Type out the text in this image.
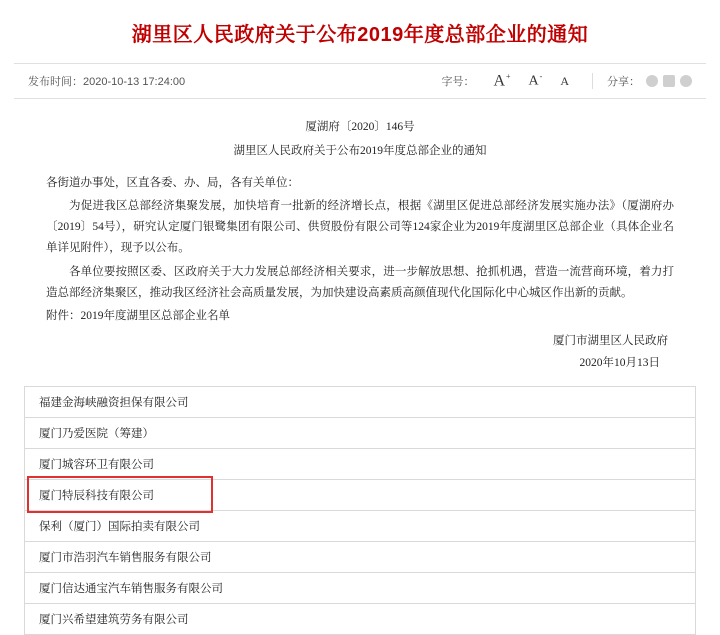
湖里区人民政府关于公布2019年度总部企业的通知
发布时间：2020-10-13 17:24:00	字号： A+ A- A	分享：
厦湖府〔2020〕146号
湖里区人民政府关于公布2019年度总部企业的通知
各街道办事处，区直各委、办、局，各有关单位：

为促进我区总部经济集聚发展，加快培育一批新的经济增长点，根据《湖里区促进总部经济发展实施办法》（厦湖府办〔2019〕54号），研究认定厦门银鹭集团有限公司、供贸股份有限公司等124家企业为2019年度湖里区总部企业（具体企业名单详见附件），现予以公布。

各单位要按照区委、区政府关于大力发展总部经济相关要求，进一步解放思想、抢抓机遇，营造一流营商环境，着力打造总部经济集聚区，推动我区经济社会高质量发展，为加快建设高素质高颜值现代化国际化中心城区作出新的贡献。

附件：2019年度湖里区总部企业名单
厦门市湖里区人民政府
2020年10月13日
福建金海峡融资担保有限公司
厦门乃爱医院（筹建）
厦门城容环卫有限公司
厦门特辰科技有限公司
保利（厦门）国际拍卖有限公司
厦门市浩羽汽车销售服务有限公司
厦门信达通宝汽车销售服务有限公司
厦门兴希望建筑劳务有限公司
